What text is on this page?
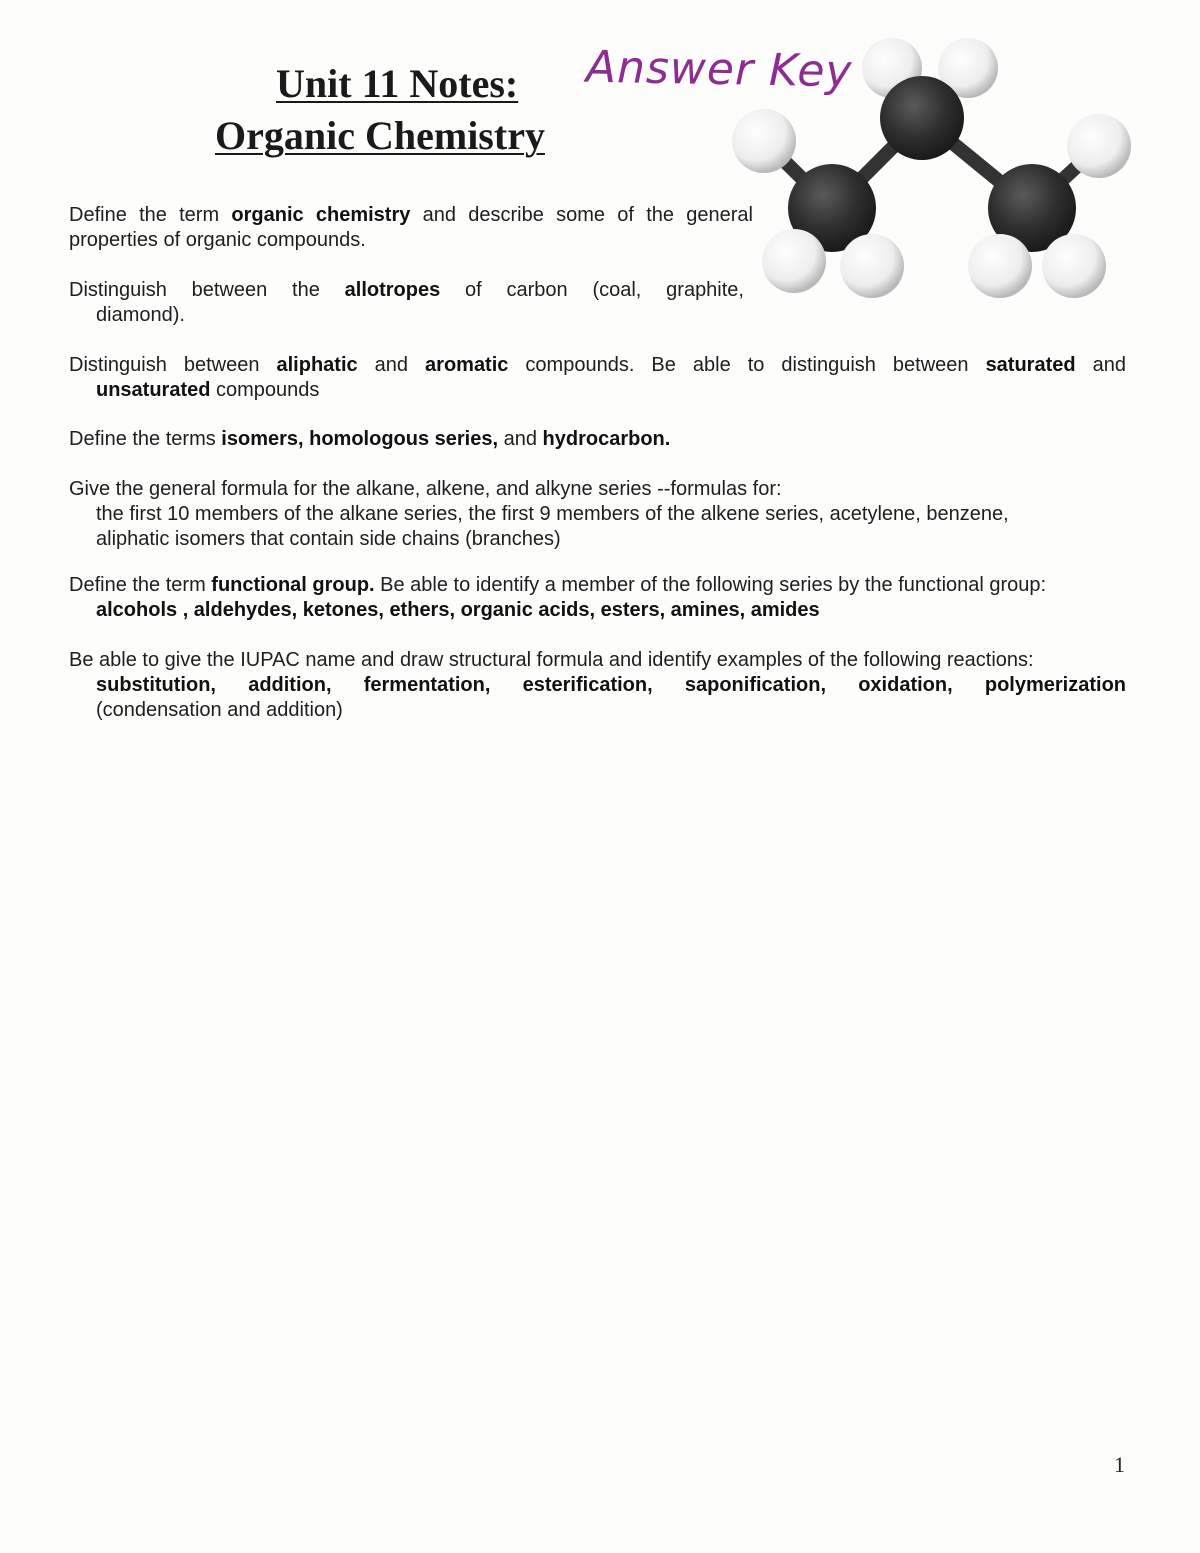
Unit 11 Notes:
Organic Chemistry
Answer Key
Define the term organic chemistry and describe some of the general
properties of organic compounds.
Distinguish between the allotropes of carbon (coal, graphite,
diamond).
Distinguish between aliphatic and aromatic compounds. Be able to distinguish between saturated and
unsaturated compounds
Define the terms isomers, homologous series, and hydrocarbon.
Give the general formula for the alkane, alkene, and alkyne series --formulas for:
the first 10 members of the alkane series, the first 9 members of the alkene series, acetylene, benzene,
aliphatic isomers that contain side chains (branches)
Define the term functional group. Be able to identify a member of the following series by the functional group:
alcohols , aldehydes, ketones, ethers, organic acids, esters, amines, amides
Be able to give the IUPAC name and draw structural formula and identify examples of the following reactions:
substitution, addition, fermentation, esterification, saponification, oxidation, polymerization
(condensation and addition)
1
